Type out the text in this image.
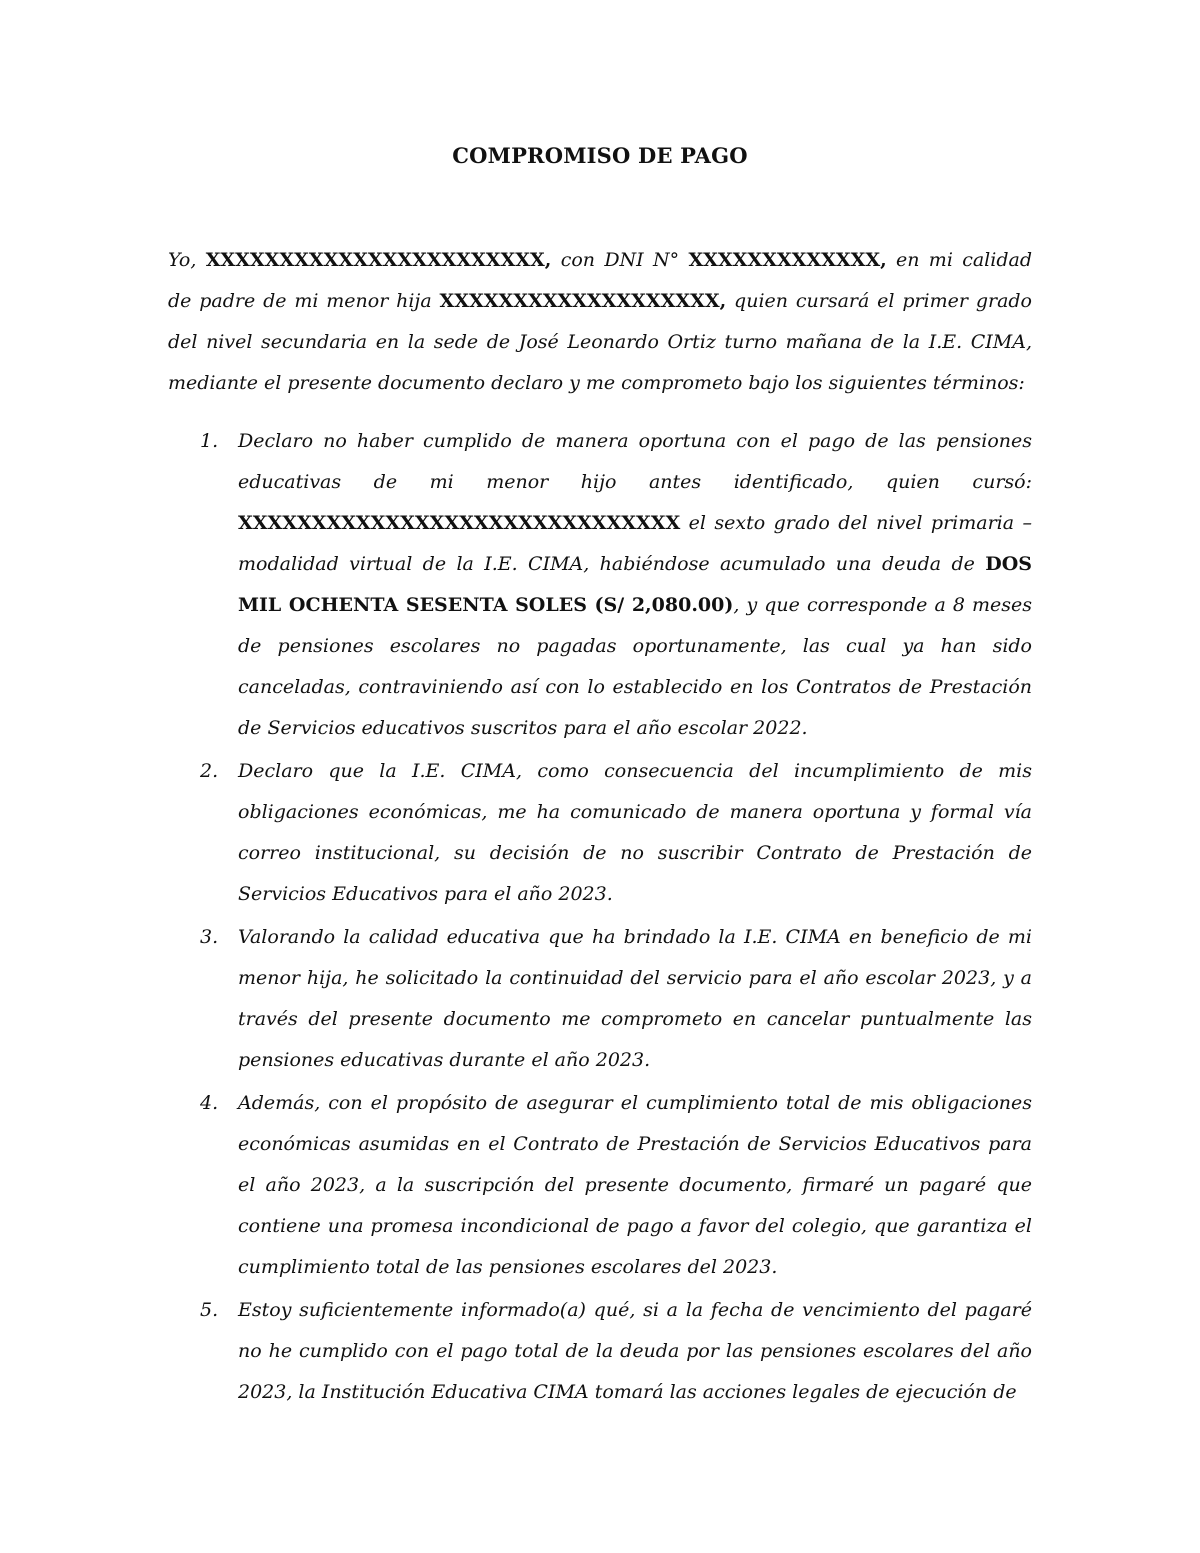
COMPROMISO DE PAGO

Yo, XXXXXXXXXXXXXXXXXXXXXXX, con DNI N° XXXXXXXXXXXXX, en mi calidad de padre de mi menor hija XXXXXXXXXXXXXXXXXXX, quien cursará el primer grado del nivel secundaria en la sede de José Leonardo Ortiz turno mañana de la I.E. CIMA, mediante el presente documento declaro y me comprometo bajo los siguientes términos:

1. Declaro no haber cumplido de manera oportuna con el pago de las pensiones educativas de mi menor hijo antes identificado, quien cursó: XXXXXXXXXXXXXXXXXXXXXXXXXXXXXX el sexto grado del nivel primaria – modalidad virtual de la I.E. CIMA, habiéndose acumulado una deuda de DOS MIL OCHENTA SESENTA SOLES (S/ 2,080.00), y que corresponde a 8 meses de pensiones escolares no pagadas oportunamente, las cual ya han sido canceladas, contraviniendo así con lo establecido en los Contratos de Prestación de Servicios educativos suscritos para el año escolar 2022.
2. Declaro que la I.E. CIMA, como consecuencia del incumplimiento de mis obligaciones económicas, me ha comunicado de manera oportuna y formal vía correo institucional, su decisión de no suscribir Contrato de Prestación de Servicios Educativos para el año 2023.
3. Valorando la calidad educativa que ha brindado la I.E. CIMA en beneficio de mi menor hija, he solicitado la continuidad del servicio para el año escolar 2023, y a través del presente documento me comprometo en cancelar puntualmente las pensiones educativas durante el año 2023.
4. Además, con el propósito de asegurar el cumplimiento total de mis obligaciones económicas asumidas en el Contrato de Prestación de Servicios Educativos para el año 2023, a la suscripción del presente documento, firmaré un pagaré que contiene una promesa incondicional de pago a favor del colegio, que garantiza el cumplimiento total de las pensiones escolares del 2023.
5. Estoy suficientemente informado(a) qué, si a la fecha de vencimiento del pagaré no he cumplido con el pago total de la deuda por las pensiones escolares del año 2023, la Institución Educativa CIMA tomará las acciones legales de ejecución de
